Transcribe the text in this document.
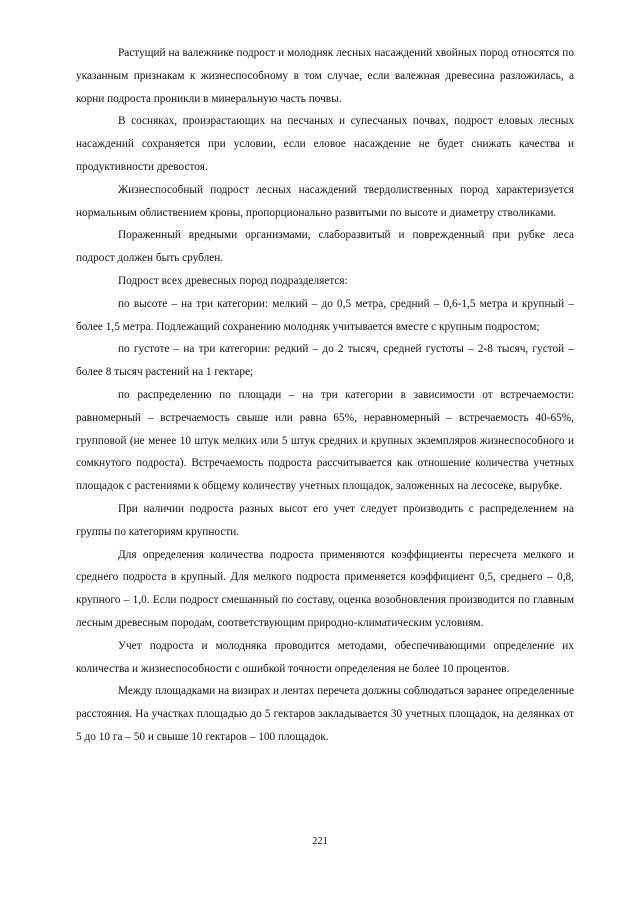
Растущий на валежнике подрост и молодняк лесных насаждений хвойных пород относятся по указанным признакам к жизнеспособному в том случае, если валежная древесина разложилась, а корни подроста проникли в минеральную часть почвы.

В сосняках, произрастающих на песчаных и супесчаных почвах, подрост еловых лесных насаждений сохраняется при условии, если еловое насаждение не будет снижать качества и продуктивности древостоя.

Жизнеспособный подрост лесных насаждений твердолиственных пород характеризуется нормальным облиствением кроны, пропорционально развитыми по высоте и диаметру стволиками.

Пораженный вредными организмами, слаборазвитый и поврежденный при рубке леса подрост должен быть срублен.

Подрост всех древесных пород подразделяется:

по высоте – на три категории: мелкий – до 0,5 метра, средний – 0,6-1,5 метра и крупный – более 1,5 метра. Подлежащий сохранению молодняк учитывается вместе с крупным подростом;

по густоте – на три категории: редкий – до 2 тысяч, средней густоты – 2-8 тысяч, густой – более 8 тысяч растений на 1 гектаре;

по распределению по площади – на три категории в зависимости от встречаемости: равномерный – встречаемость свыше или равна 65%, неравномерный – встречаемость 40-65%, групповой (не менее 10 штук мелких или 5 штук средних и крупных экземпляров жизнеспособного и сомкнутого подроста). Встречаемость подроста рассчитывается как отношение количества учетных площадок с растениями к общему количеству учетных площадок, заложенных на лесосеке, вырубке.

При наличии подроста разных высот его учет следует производить с распределением на группы по категориям крупности.

Для определения количества подроста применяются коэффициенты пересчета мелкого и среднего подроста в крупный. Для мелкого подроста применяется коэффициент 0,5, среднего – 0,8, крупного – 1,0. Если подрост смешанный по составу, оценка возобновления производится по главным лесным древесным породам, соответствующим природно-климатическим условиям.

Учет подроста и молодняка проводится методами, обеспечивающими определение их количества и жизнеспособности с ошибкой точности определения не более 10 процентов.

Между площадками на визирах и лентах перечета должны соблюдаться заранее определенные расстояния. На участках площадью до 5 гектаров закладывается 30 учетных площадок, на делянках от 5 до 10 га – 50 и свыше 10 гектаров – 100 площадок.

221
